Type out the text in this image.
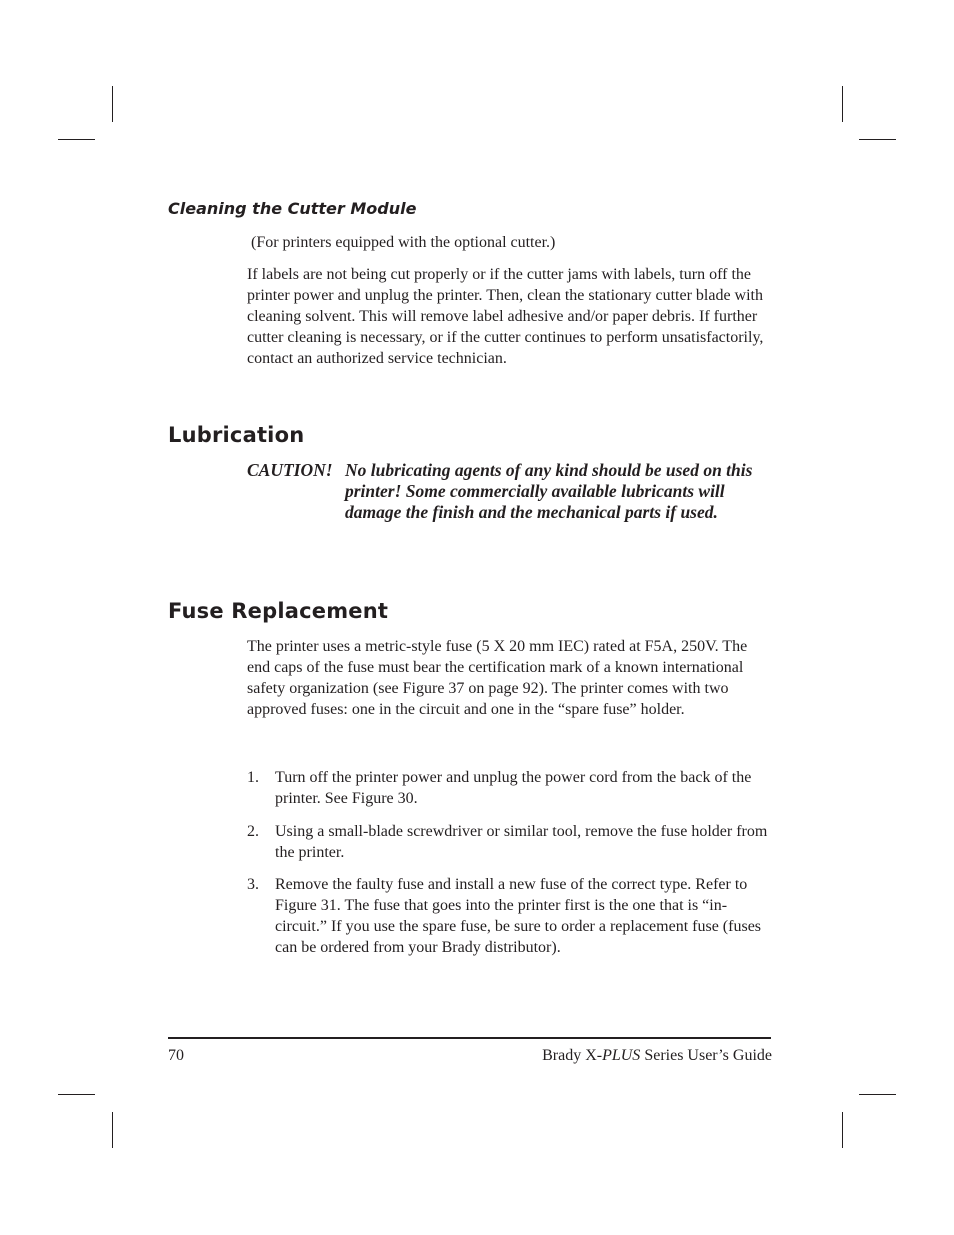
Cleaning the Cutter Module

(For printers equipped with the optional cutter.)

If labels are not being cut properly or if the cutter jams with labels, turn off the printer power and unplug the printer. Then, clean the stationary cutter blade with cleaning solvent. This will remove label adhesive and/or paper debris. If further cutter cleaning is necessary, or if the cutter continues to perform unsatisfactorily, contact an authorized service technician.

Lubrication
CAUTION! No lubricating agents of any kind should be used on this printer! Some commercially available lubricants will damage the finish and the mechanical parts if used.
Fuse Replacement

The printer uses a metric-style fuse (5 X 20 mm IEC) rated at F5A, 250V. The end caps of the fuse must bear the certification mark of a known international safety organization (see Figure 37 on page 92). The printer comes with two approved fuses: one in the circuit and one in the “spare fuse” holder.

1. Turn off the printer power and unplug the power cord from the back of the printer. See Figure 30.
2. Using a small-blade screwdriver or similar tool, remove the fuse holder from the printer.
3. Remove the faulty fuse and install a new fuse of the correct type. Refer to Figure 31. The fuse that goes into the printer first is the one that is “in-circuit.” If you use the spare fuse, be sure to order a replacement fuse (fuses can be ordered from your Brady distributor).
70	Brady X-PLUS Series User’s Guide
